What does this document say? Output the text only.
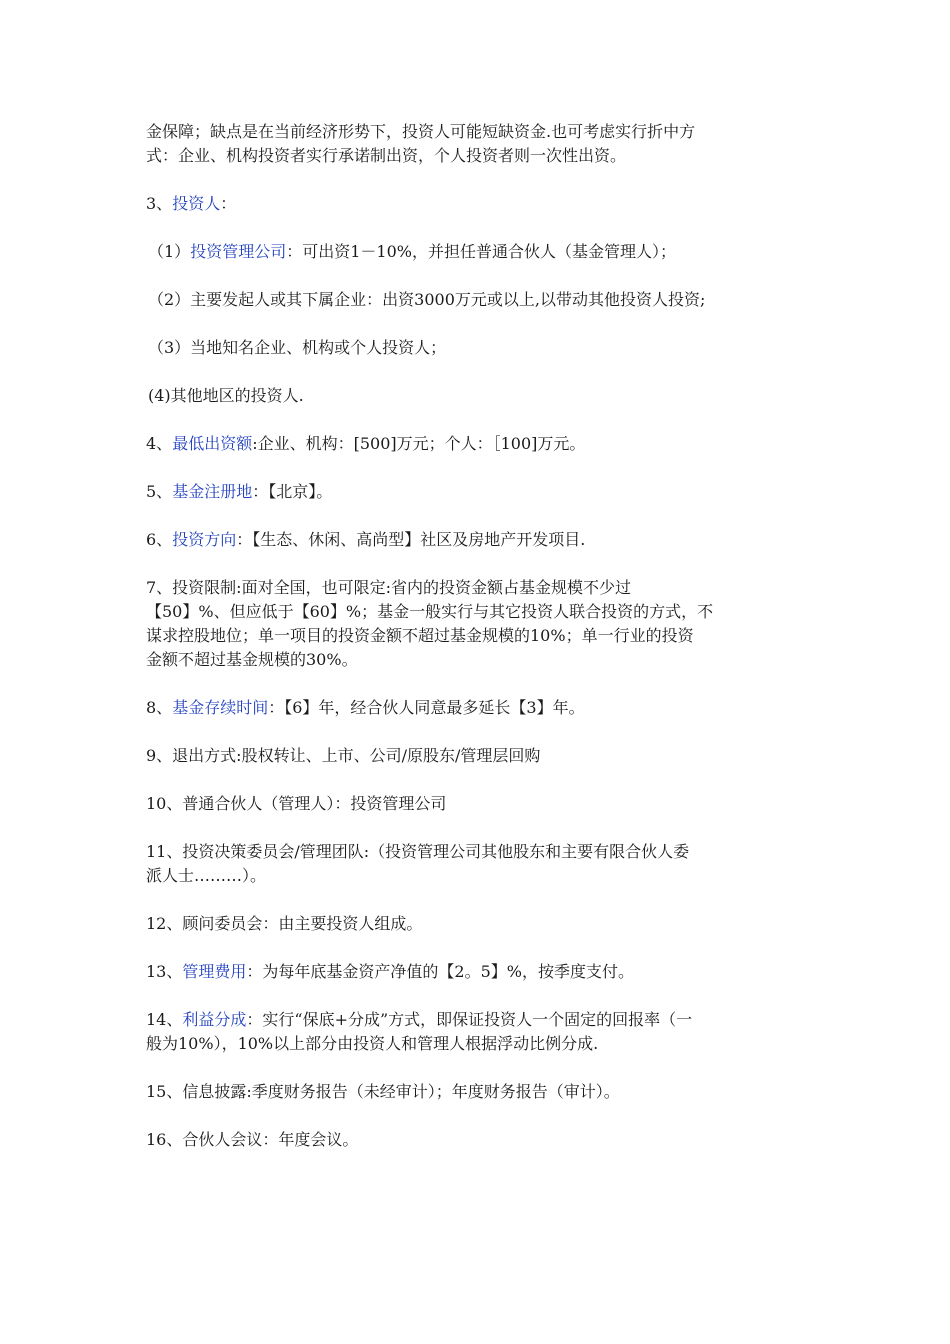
金保障；缺点是在当前经济形势下，投资人可能短缺资金.也可考虑实行折中方
式：企业、机构投资者实行承诺制出资，个人投资者则一次性出资。

3、投资人：

（1）投资管理公司：可出资1－10%，并担任普通合伙人（基金管理人）；

（2）主要发起人或其下属企业：出资3000万元或以上,以带动其他投资人投资;

（3）当地知名企业、机构或个人投资人；

(4)其他地区的投资人.

4、最低出资额:企业、机构：[500]万元；个人：［100]万元。

5、基金注册地：【北京】。

6、投资方向：【生态、休闲、高尚型】社区及房地产开发项目.

7、投资限制:面对全国，也可限定:省内的投资金额占基金规模不少过
【50】%、但应低于【60】%；基金一般实行与其它投资人联合投资的方式，不
谋求控股地位；单一项目的投资金额不超过基金规模的10%；单一行业的投资
金额不超过基金规模的30%。

8、基金存续时间：【6】年，经合伙人同意最多延长【3】年。

9、退出方式:股权转让、上市、公司/原股东/管理层回购

10、普通合伙人（管理人）：投资管理公司

11、投资决策委员会/管理团队:（投资管理公司其他股东和主要有限合伙人委
派人士………）。

12、顾问委员会：由主要投资人组成。

13、管理费用：为每年底基金资产净值的【2。5】%，按季度支付。

14、利益分成：实行“保底+分成”方式，即保证投资人一个固定的回报率（一
般为10%），10%以上部分由投资人和管理人根据浮动比例分成.

15、信息披露:季度财务报告（未经审计）；年度财务报告（审计）。

16、合伙人会议：年度会议。
